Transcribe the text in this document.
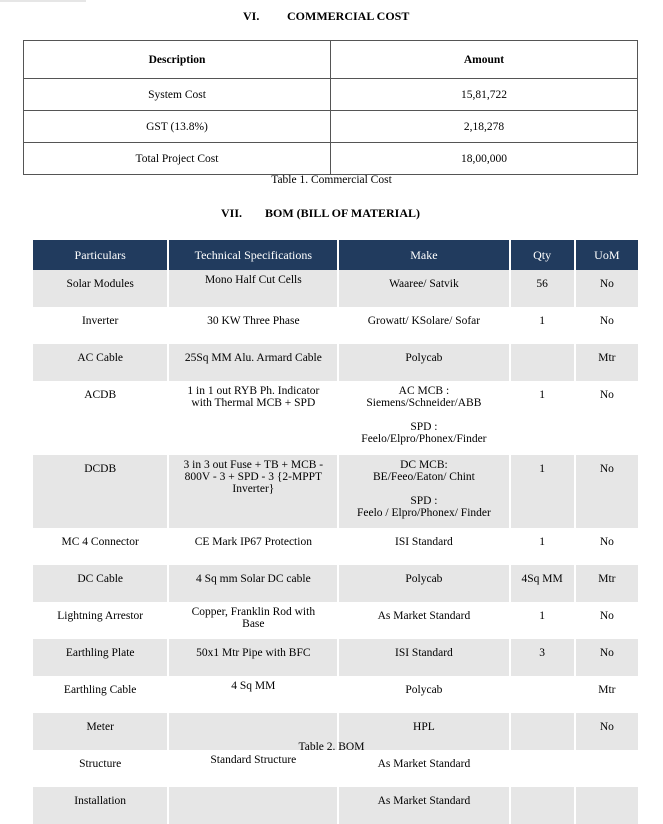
VI. COMMERCIAL COST
Description	Amount
System Cost	15,81,722
GST (13.8%)	2,18,278
Total Project Cost	18,00,000
Table 1. Commercial Cost
VII. BOM (BILL OF MATERIAL)
Particulars	Technical Specifications	Make	Qty	UoM
Solar Modules	Mono Half Cut Cells	Waaree/ Satvik	56	No
Inverter	30 KW Three Phase	Growatt/ KSolare/ Sofar	1	No
AC Cable	25Sq MM Alu. Armard Cable	Polycab		Mtr
ACDB	1 in 1 out RYB Ph. Indicator
with Thermal MCB + SPD	AC MCB :
Siemens/Schneider/ABB
SPD :
Feelo/Elpro/Phonex/Finder	1	No
DCDB	3 in 3 out Fuse + TB + MCB -
800V - 3 + SPD - 3 {2-MPPT
Inverter}	DC MCB:
BE/Feeo/Eaton/ Chint
SPD :
Feelo / Elpro/Phonex/ Finder	1	No
MC 4 Connector	CE Mark IP67 Protection	ISI Standard	1	No
DC Cable	4 Sq mm Solar DC cable	Polycab	4Sq MM	Mtr
Lightning Arrestor	Copper, Franklin Rod with
Base	As Market Standard	1	No
Earthling Plate	50x1 Mtr Pipe with BFC	ISI Standard	3	No
Earthling Cable	4 Sq MM	Polycab		Mtr
Meter		HPL		No
Structure	Standard Structure	As Market Standard		
Installation		As Market Standard		
Table 2. BOM
